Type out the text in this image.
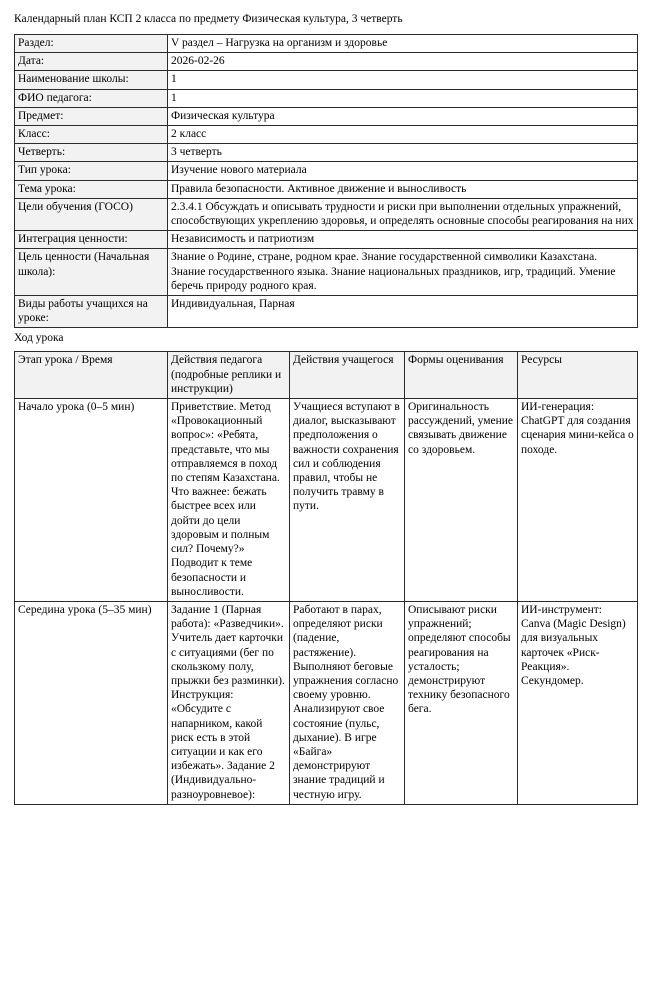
Календарный план КСП 2 класса по предмету Физическая культура, 3 четверть
Раздел:	V раздел – Нагрузка на организм и здоровье
Дата:	2026-02-26
Наименование школы:	1
ФИО педагога:	1
Предмет:	Физическая культура
Класс:	2 класс
Четверть:	3 четверть
Тип урока:	Изучение нового материала
Тема урока:	Правила безопасности. Активное движение и выносливость
Цели обучения (ГОСО)	2.3.4.1 Обсуждать и описывать трудности и риски при выполнении отдельных упражнений, способствующих укреплению здоровья, и определять основные способы реагирования на них
Интеграция ценности:	Независимость и патриотизм
Цель ценности (Начальная школа):	Знание о Родине, стране, родном крае. Знание государственной символики Казахстана. Знание государственного языка. Знание национальных праздников, игр, традиций. Умение беречь природу родного края.
Виды работы учащихся на уроке:	Индивидуальная, Парная
Ход урока
Этап урока / Время	Действия педагога (подробные реплики и инструкции)	Действия учащегося	Формы оценивания	Ресурсы
Начало урока (0–5 мин)	Приветствие. Метод «Провокационный вопрос»: «Ребята, представьте, что мы отправляемся в поход по степям Казахстана. Что важнее: бежать быстрее всех или дойти до цели здоровым и полным сил? Почему?» Подводит к теме безопасности и выносливости.	Учащиеся вступают в диалог, высказывают предположения о важности сохранения сил и соблюдения правил, чтобы не получить травму в пути.	Оригинальность рассуждений, умение связывать движение со здоровьем.	ИИ-генерация: ChatGPT для создания сценария мини-кейса о походе.
Середина урока (5–35 мин)	Задание 1 (Парная работа): «Разведчики». Учитель дает карточки с ситуациями (бег по скользкому полу, прыжки без разминки). Инструкция: «Обсудите с напарником, какой риск есть в этой ситуации и как его избежать». Задание 2 (Индивидуально-разноуровневое):	Работают в парах, определяют риски (падение, растяжение). Выполняют беговые упражнения согласно своему уровню. Анализируют свое состояние (пульс, дыхание). В игре «Байга» демонстрируют знание традиций и честную игру.	Описывают риски упражнений; определяют способы реагирования на усталость; демонстрируют технику безопасного бега.	ИИ-инструмент: Canva (Magic Design) для визуальных карточек «Риск-Реакция». Секундомер.
